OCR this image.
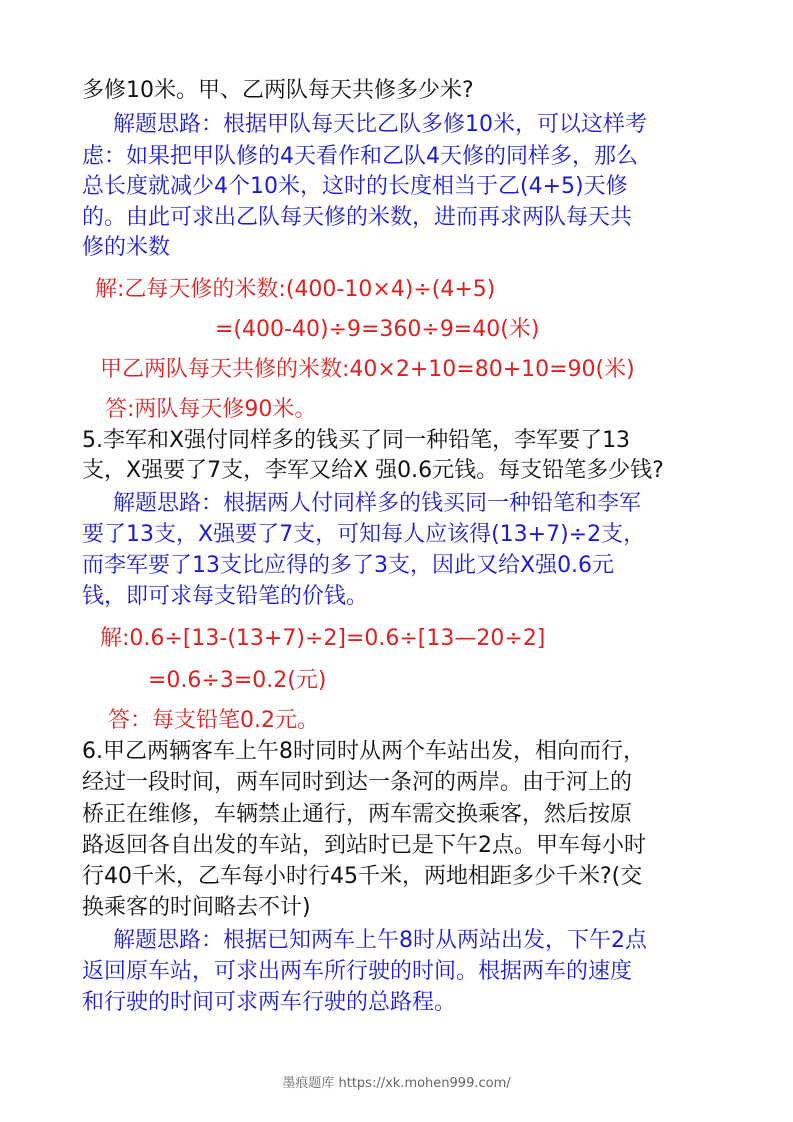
多修10米。甲、乙两队每天共修多少米?
解题思路：根据甲队每天比乙队多修10米，可以这样考
虑：如果把甲队修的4天看作和乙队4天修的同样多，那么
总长度就减少4个10米，这时的长度相当于乙(4+5)天修
的。由此可求出乙队每天修的米数，进而再求两队每天共
修的米数
解:乙每天修的米数:(400-10×4)÷(4+5)
=(400-40)÷9=360÷9=40(米)
甲乙两队每天共修的米数:40×2+10=80+10=90(米)
答:两队每天修90米。
5.李军和X强付同样多的钱买了同一种铅笔，李军要了13
支，X强要了7支，李军又给X 强0.6元钱。每支铅笔多少钱?
解题思路：根据两人付同样多的钱买同一种铅笔和李军
要了13支，X强要了7支，可知每人应该得(13+7)÷2支，
而李军要了13支比应得的多了3支，因此又给X强0.6元
钱，即可求每支铅笔的价钱。
解:0.6÷[13-(13+7)÷2]=0.6÷[13—20÷2]
=0.6÷3=0.2(元)
答：每支铅笔0.2元。
6.甲乙两辆客车上午8时同时从两个车站出发，相向而行，
经过一段时间，两车同时到达一条河的两岸。由于河上的
桥正在维修，车辆禁止通行，两车需交换乘客，然后按原
路返回各自出发的车站，到站时已是下午2点。甲车每小时
行40千米，乙车每小时行45千米，两地相距多少千米?(交
换乘客的时间略去不计)
解题思路：根据已知两车上午8时从两站出发，下午2点
返回原车站，可求出两车所行驶的时间。根据两车的速度
和行驶的时间可求两车行驶的总路程。
墨痕题库 https://xk.mohen999.com/
